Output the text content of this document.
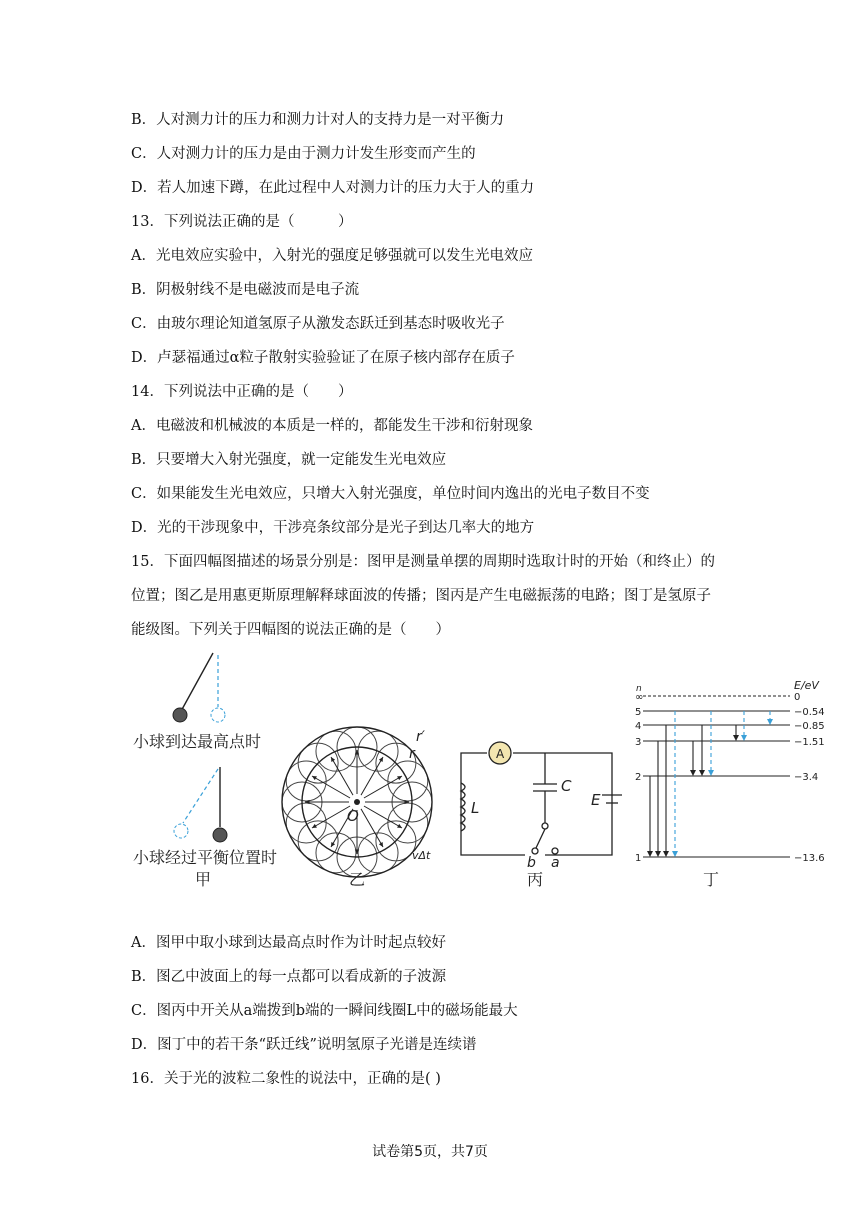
B．人对测力计的压力和测力计对人的支持力是一对平衡力
C．人对测力计的压力是由于测力计发生形变而产生的
D．若人加速下蹲，在此过程中人对测力计的压力大于人的重力
13．下列说法正确的是（　　　）
A．光电效应实验中，入射光的强度足够强就可以发生光电效应
B．阴极射线不是电磁波而是电子流
C．由玻尔理论知道氢原子从激发态跃迁到基态时吸收光子
D．卢瑟福通过α粒子散射实验验证了在原子核内部存在质子
14．下列说法中正确的是（　　）
A．电磁波和机械波的本质是一样的，都能发生干涉和衍射现象
B．只要增大入射光强度，就一定能发生光电效应
C．如果能发生光电效应，只增大入射光强度，单位时间内逸出的光电子数目不变
D．光的干涉现象中，干涉亮条纹部分是光子到达几率大的地方
15．下面四幅图描述的场景分别是：图甲是测量单摆的周期时选取计时的开始（和终止）的
位置；图乙是用惠更斯原理解释球面波的传播；图丙是产生电磁振荡的电路；图丁是氢原子
能级图。下列关于四幅图的说法正确的是（　　）
小球到达最高点时
小球经过平衡位置时
甲
O
r′
r
vΔt
乙
A
L
C
E
b a
丙
n	E/eV
∞	0
5	−0.54
4	−0.85
3	−1.51
2	−3.4
1	−13.6
丁
A．图甲中取小球到达最高点时作为计时起点较好
B．图乙中波面上的每一点都可以看成新的子波源
C．图丙中开关从a端拨到b端的一瞬间线圈L中的磁场能最大
D．图丁中的若干条“跃迁线”说明氢原子光谱是连续谱
16．关于光的波粒二象性的说法中，正确的是( )
试卷第5页，共7页
